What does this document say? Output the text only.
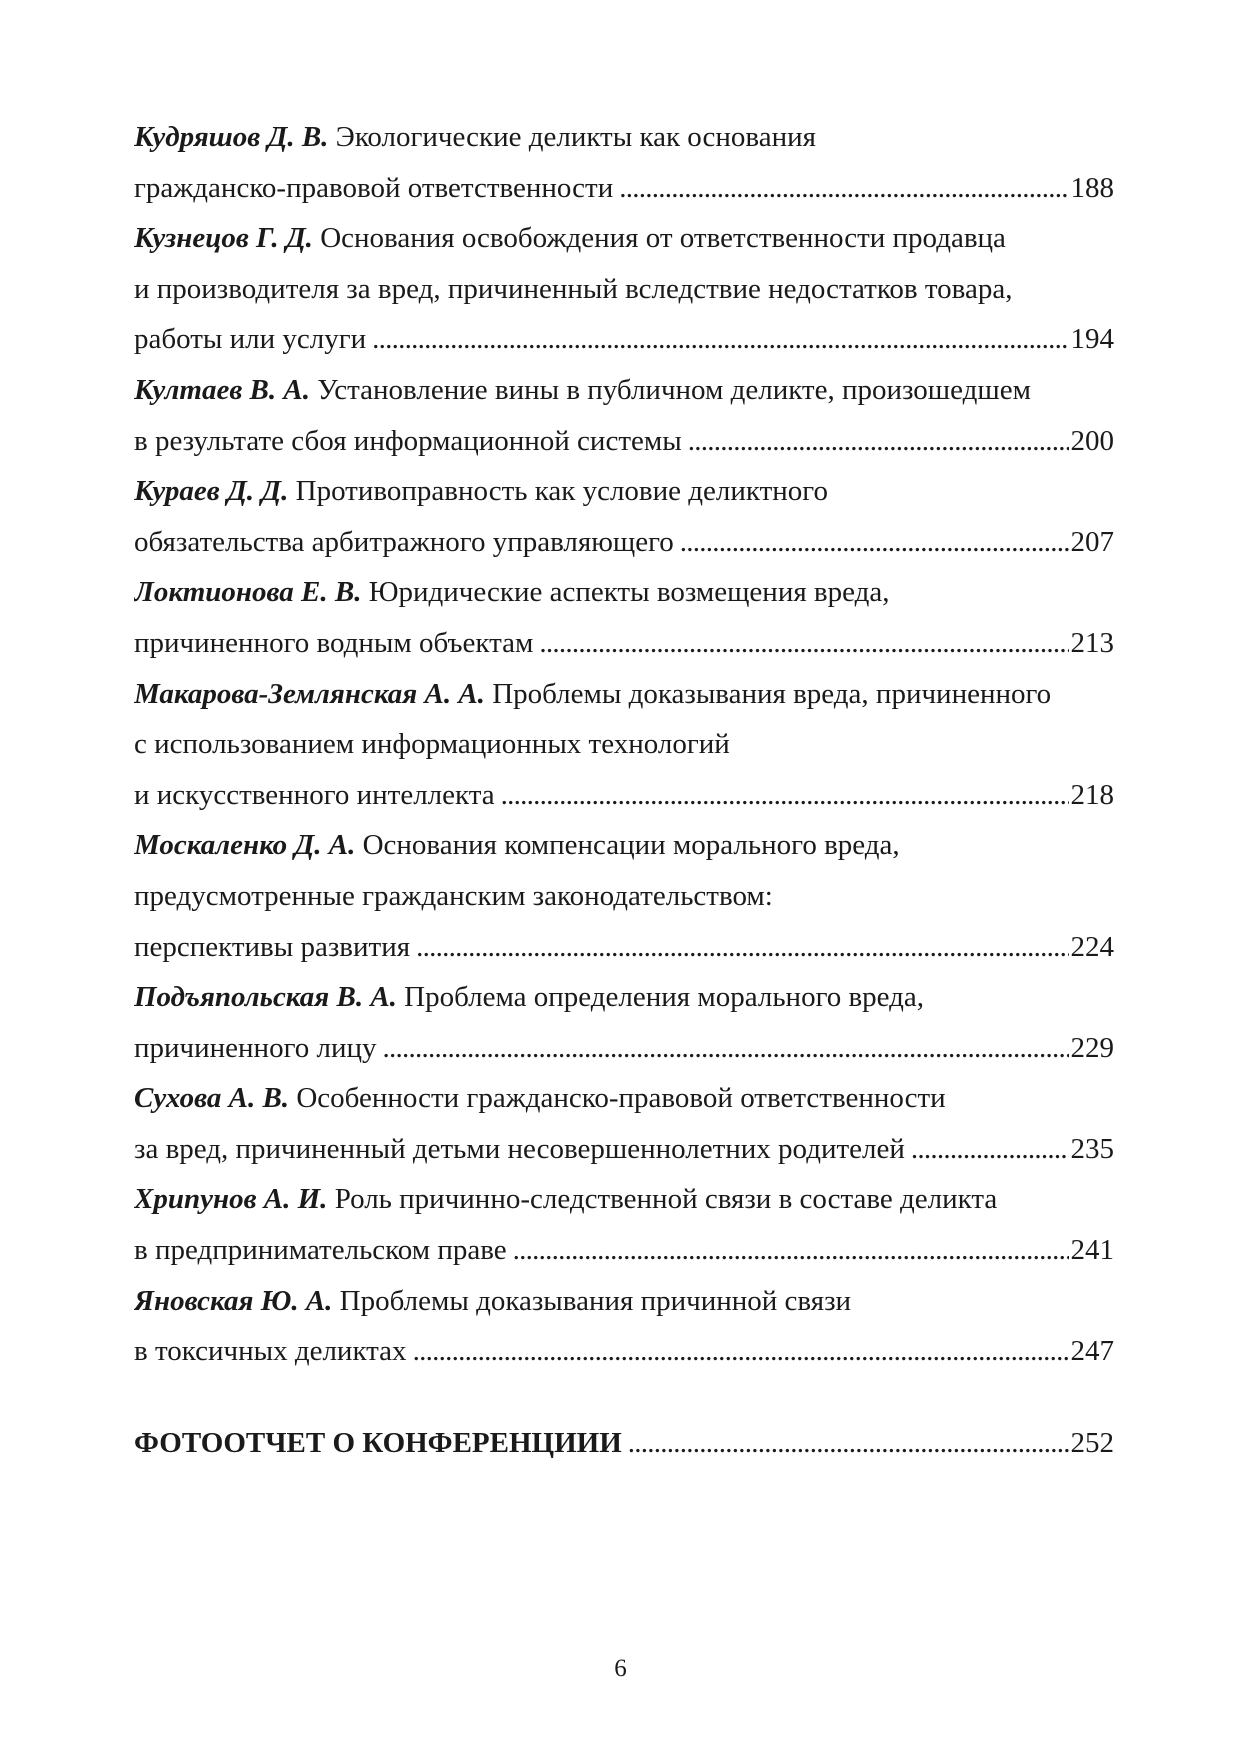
Кудряшов Д. В. Экологические деликты как основания
гражданско-правовой ответственности . . .	188
Кузнецов Г. Д. Основания освобождения от ответственности продавца
и производителя за вред, причиненный вследствие недостатков товара,
работы или услуги . . .	194
Култаев В. А. Установление вины в публичном деликте, произошедшем
в результате сбоя информационной системы . . .	200
Кураев Д. Д. Противоправность как условие деликтного
обязательства арбитражного управляющего . . .	207
Локтионова Е. В. Юридические аспекты возмещения вреда,
причиненного водным объектам . . .	213
Макарова-Землянская А. А. Проблемы доказывания вреда, причиненного
с использованием информационных технологий
и искусственного интеллекта . . .	218
Москаленко Д. А. Основания компенсации морального вреда,
предусмотренные гражданским законодательством:
перспективы развития . . .	224
Подъяпольская В. А. Проблема определения морального вреда,
причиненного лицу . . .	229
Сухова А. В. Особенности гражданско-правовой ответственности
за вред, причиненный детьми несовершеннолетних родителей . . .	235
Хрипунов А. И. Роль причинно-следственной связи в составе деликта
в предпринимательском праве . . .	241
Яновская Ю. А. Проблемы доказывания причинной связи
в токсичных деликтах . . .	247
ФОТООТЧЕТ О КОНФЕРЕНЦИИИ . . .	252
6
